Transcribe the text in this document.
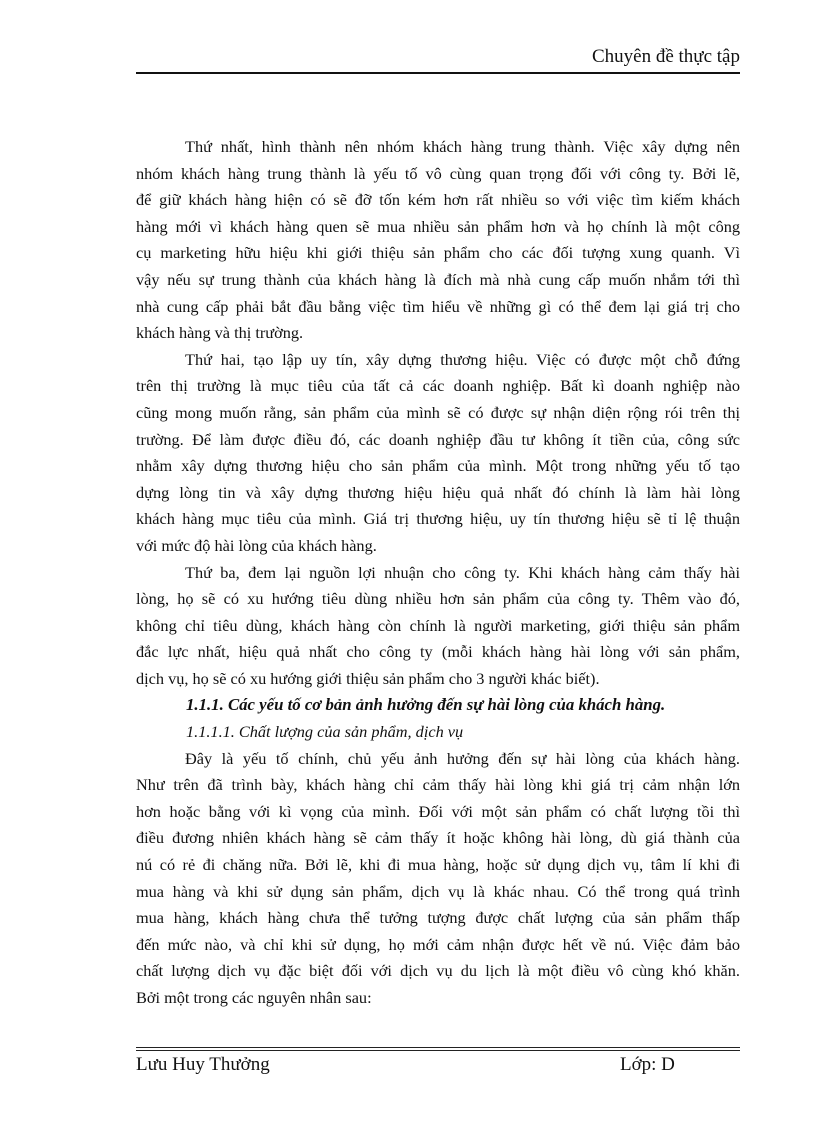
Chuyên đề thực tập
Thứ nhất, hình thành nên nhóm khách hàng trung thành. Việc xây dựng nên
nhóm khách hàng trung thành là yếu tố vô cùng quan trọng đối với công ty. Bởi lẽ,
để giữ khách hàng hiện có sẽ đỡ tốn kém hơn rất nhiều so với việc tìm kiếm khách
hàng mới vì khách hàng quen sẽ mua nhiều sản phẩm hơn và họ chính là một công
cụ marketing hữu hiệu khi giới thiệu sản phẩm cho các đối tượng xung quanh. Vì
vậy nếu sự trung thành của khách hàng là đích mà nhà cung cấp muốn nhắm tới thì
nhà cung cấp phải bắt đầu bằng việc tìm hiểu về những gì có thể đem lại giá trị cho
khách hàng và thị trường.
Thứ hai, tạo lập uy tín, xây dựng thương hiệu. Việc có được một chỗ đứng
trên thị trường là mục tiêu của tất cả các doanh nghiệp. Bất kì doanh nghiệp nào
cũng mong muốn rằng, sản phẩm của mình sẽ có được sự nhận diện rộng rói trên thị
trường. Để làm được điều đó, các doanh nghiệp đầu tư không ít tiền của, công sức
nhằm xây dựng thương hiệu cho sản phẩm của mình. Một trong những yếu tố tạo
dựng lòng tin và xây dựng thương hiệu hiệu quả nhất đó chính là làm hài lòng
khách hàng mục tiêu của mình. Giá trị thương hiệu, uy tín thương hiệu sẽ tỉ lệ thuận
với mức độ hài lòng của khách hàng.
Thứ ba, đem lại nguồn lợi nhuận cho công ty. Khi khách hàng cảm thấy hài
lòng, họ sẽ có xu hướng tiêu dùng nhiều hơn sản phẩm của công ty. Thêm vào đó,
không chỉ tiêu dùng, khách hàng còn chính là người marketing, giới thiệu sản phẩm
đắc lực nhất, hiệu quả nhất cho công ty (mỗi khách hàng hài lòng với sản phẩm,
dịch vụ, họ sẽ có xu hướng giới thiệu sản phẩm cho 3 người khác biết).
1.1.1. Các yếu tố cơ bản ảnh hưởng đến sự hài lòng của khách hàng.
1.1.1.1. Chất lượng của sản phẩm, dịch vụ
Đây là yếu tố chính, chủ yếu ảnh hưởng đến sự hài lòng của khách hàng.
Như trên đã trình bày, khách hàng chỉ cảm thấy hài lòng khi giá trị cảm nhận lớn
hơn hoặc bằng với kì vọng của mình. Đối với một sản phẩm có chất lượng tồi thì
điều đương nhiên khách hàng sẽ cảm thấy ít hoặc không hài lòng, dù giá thành của
nú có rẻ đi chăng nữa. Bởi lẽ, khi đi mua hàng, hoặc sử dụng dịch vụ, tâm lí khi đi
mua hàng và khi sử dụng sản phẩm, dịch vụ là khác nhau. Có thể trong quá trình
mua hàng, khách hàng chưa thể tưởng tượng được chất lượng của sản phẩm thấp
đến mức nào, và chỉ khi sử dụng, họ mới cảm nhận được hết về nú. Việc đảm bảo
chất lượng dịch vụ đặc biệt đối với dịch vụ du lịch là một điều vô cùng khó khăn.
Bởi một trong các nguyên nhân sau:
Lưu Huy Thưởng	Lớp: D
